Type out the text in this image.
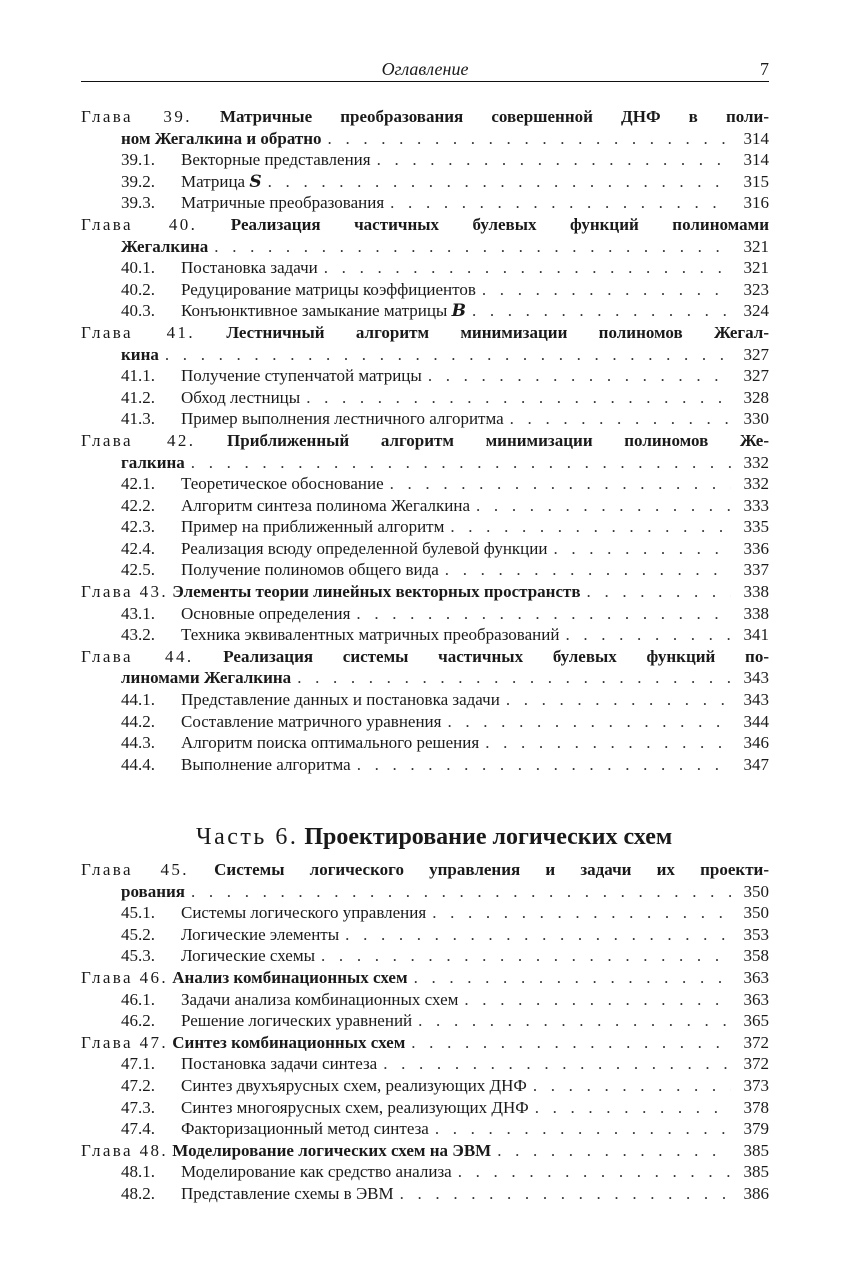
Оглавление	7
Глава 39. Матричные преобразования совершенной ДНФ в поли-
ном Жегалкина и обратно . . .	314
39.1.	Векторные представления . . .	314
39.2.	Матрица S . . .	315
39.3.	Матричные преобразования . . .	316
Глава 40. Реализация частичных булевых функций полиномами
Жегалкина . . .	321
40.1.	Постановка задачи . . .	321
40.2.	Редуцирование матрицы коэффициентов . . .	323
40.3.	Конъюнктивное замыкание матрицы B . . .	324
Глава 41. Лестничный алгоритм минимизации полиномов Жегал-
кина . . .	327
41.1.	Получение ступенчатой матрицы . . .	327
41.2.	Обход лестницы . . .	328
41.3.	Пример выполнения лестничного алгоритма . . .	330
Глава 42. Приближенный алгоритм минимизации полиномов Же-
галкина . . .	332
42.1.	Теоретическое обоснование . . .	332
42.2.	Алгоритм синтеза полинома Жегалкина . . .	333
42.3.	Пример на приближенный алгоритм . . .	335
42.4.	Реализация всюду определенной булевой функции . . .	336
42.5.	Получение полиномов общего вида . . .	337
Глава 43. Элементы теории линейных векторных пространств . . .	338
43.1.	Основные определения . . .	338
43.2.	Техника эквивалентных матричных преобразований . . .	341
Глава 44. Реализация системы частичных булевых функций по-
линомами Жегалкина . . .	343
44.1.	Представление данных и постановка задачи . . .	343
44.2.	Составление матричного уравнения . . .	344
44.3.	Алгоритм поиска оптимального решения . . .	346
44.4.	Выполнение алгоритма . . .	347
Часть 6. Проектирование логических схем
Глава 45. Системы логического управления и задачи их проекти-
рования . . .	350
45.1.	Системы логического управления . . .	350
45.2.	Логические элементы . . .	353
45.3.	Логические схемы . . .	358
Глава 46. Анализ комбинационных схем . . .	363
46.1.	Задачи анализа комбинационных схем . . .	363
46.2.	Решение логических уравнений . . .	365
Глава 47. Синтез комбинационных схем . . .	372
47.1.	Постановка задачи синтеза . . .	372
47.2.	Синтез двухъярусных схем, реализующих ДНФ . . .	373
47.3.	Синтез многоярусных схем, реализующих ДНФ . . .	378
47.4.	Факторизационный метод синтеза . . .	379
Глава 48. Моделирование логических схем на ЭВМ . . .	385
48.1.	Моделирование как средство анализа . . .	385
48.2.	Представление схемы в ЭВМ . . .	386
